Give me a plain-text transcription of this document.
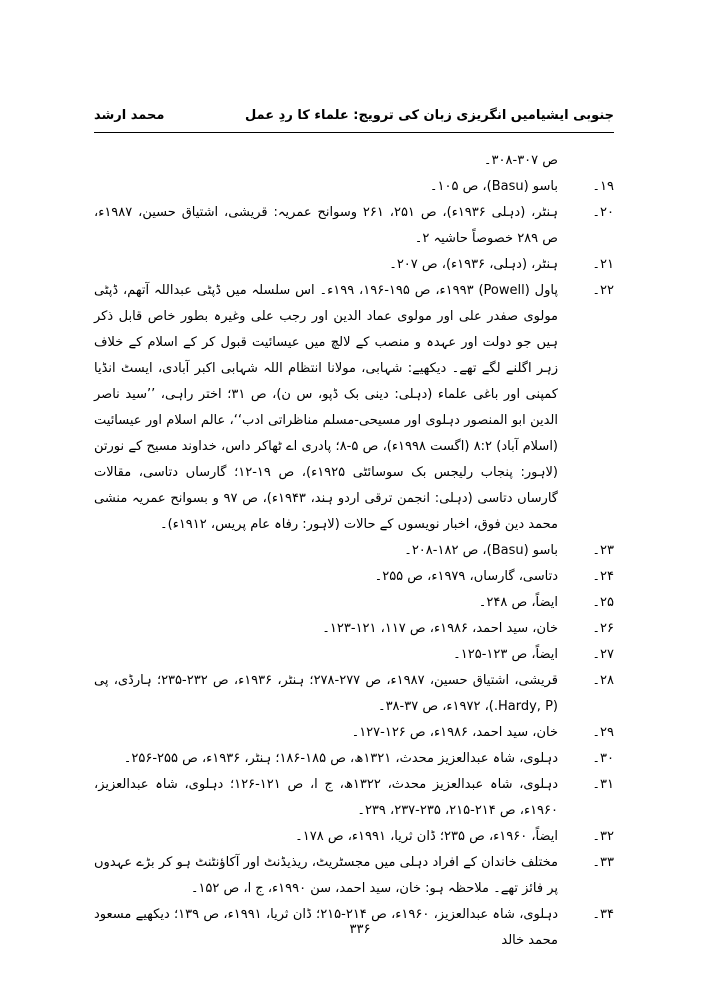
جنوبی ایشیامیں انگریزی زبان کی ترویج: علماء کا ردِ عمل
محمد ارشد
ص ۳۰۷-۳۰۸۔
۱۹۔
باسو (Basu)، ص ۱۰۵۔
۲۰۔
ہنٹر، (دہلی ۱۹۳۶ء)، ص ۲۵۱، ۲۶۱ وسوانح عمریہ: قریشی، اشتیاق حسین، ۱۹۸۷ء، ص ۲۸۹ خصوصاً حاشیہ ۲۔
۲۱۔
ہنٹر، (دہلی، ۱۹۳۶ء)، ص ۲۰۷۔
۲۲۔
پاول (Powell) ۱۹۹۳ء، ص ۱۹۵-۱۹۶، ۱۹۹ء۔ اس سلسلہ میں ڈپٹی عبداللہ آتھم، ڈپٹی مولوی صفدر علی اور مولوی عماد الدین اور رجب علی وغیرہ بطور خاص قابل ذکر ہیں جو دولت اور عہدہ و منصب کے لالچ میں عیسائیت قبول کر کے اسلام کے خلاف زہر اگلنے لگے تھے۔ دیکھیے: شہابی، مولانا انتظام اللہ شہابی اکبر آبادی، ایسٹ انڈیا کمپنی اور باغی علماء (دہلی: دینی بک ڈپو، س ن)، ص ۳۱؛ اختر راہی، ’’سید ناصر الدین ابو المنصور دہلوی اور مسیحی-مسلم مناظراتی ادب‘‘، عالم اسلام اور عیسائیت (اسلام آباد) ۸:۲ (اگست ۱۹۹۸ء)، ص ۵-۸؛ پادری اے ٹھاکر داس، خداوند مسیح کے نورتن (لاہور: پنجاب رلیجس بک سوسائٹی ۱۹۲۵ء)، ص ۱۹-۱۲؛ گارساں دتاسی، مقالات گارساں دتاسی (دہلی: انجمن ترقی اردو ہند، ۱۹۴۳ء)، ص ۹۷ و بسوانح عمریہ منشی محمد دین فوق، اخبار نویسوں کے حالات (لاہور: رفاہ عام پریس، ۱۹۱۲ء)۔
۲۳۔
باسو (Basu)، ص ۱۸۲-۲۰۸۔
۲۴۔
دتاسی، گارساں، ۱۹۷۹ء، ص ۲۵۵۔
۲۵۔
ایضاً، ص ۲۴۸۔
۲۶۔
خان، سید احمد، ۱۹۸۶ء، ص ۱۱۷، ۱۲۱-۱۲۳۔
۲۷۔
ایضاً، ص ۱۲۳-۱۲۵۔
۲۸۔
قریشی، اشتیاق حسین، ۱۹۸۷ء، ص ۲۷۷-۲۷۸؛ ہنٹر، ۱۹۳۶ء، ص ۲۳۲-۲۳۵؛ ہارڈی، پی (Hardy, P.)، ۱۹۷۲ء، ص ۳۷-۳۸۔
۲۹۔
خان، سید احمد، ۱۹۸۶ء، ص ۱۲۶-۱۲۷۔
۳۰۔
دہلوی، شاہ عبدالعزیز محدث، ۱۳۲۱ھ، ص ۱۸۵-۱۸۶؛ ہنٹر، ۱۹۳۶ء، ص ۲۵۵-۲۵۶۔
۳۱۔
دہلوی، شاہ عبدالعزیز محدث، ۱۳۲۲ھ، ج ا، ص ۱۲۱-۱۲۶؛ دہلوی، شاہ عبدالعزیز، ۱۹۶۰ء، ص ۲۱۴-۲۱۵، ۲۳۵-۲۳۷، ۲۳۹۔
۳۲۔
ایضاً، ۱۹۶۰ء، ص ۲۳۵؛ ڈان ثریا، ۱۹۹۱ء، ص ۱۷۸۔
۳۳۔
مختلف خاندان کے افراد دہلی میں مجسٹریٹ، ریذیڈنٹ اور آکاؤنٹنٹ ہو کر بڑے عہدوں پر فائز تھے۔ ملاحظہ ہو: خان، سید احمد، سن ۱۹۹۰ء، ج ا، ص ۱۵۲۔
۳۴۔
دہلوی، شاہ عبدالعزیز، ۱۹۶۰ء، ص ۲۱۴-۲۱۵؛ ڈان ثریا، ۱۹۹۱ء، ص ۱۳۹؛ دیکھیے مسعود محمد خالد
۳۳۶
